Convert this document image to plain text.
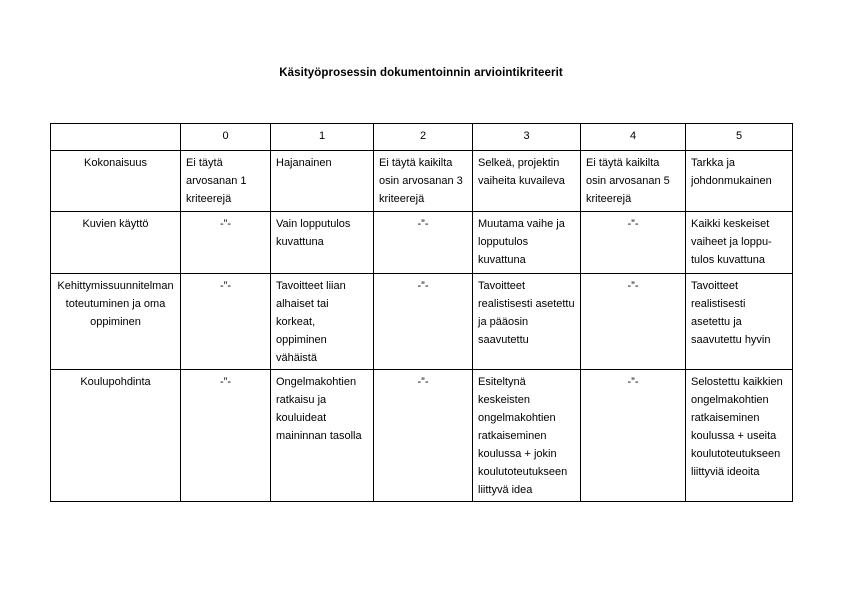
Käsityöprosessin dokumentoinnin arviointikriteerit
	0	1	2	3	4	5
Kokonaisuus	Ei täytä arvosanan 1 kriteerejä	Hajanainen	Ei täytä kaikilta osin arvosanan 3 kriteerejä	Selkeä, projektin vaiheita kuvaileva	Ei täytä kaikilta osin arvosanan 5 kriteerejä	Tarkka ja johdonmukainen
Kuvien käyttö	-”-	Vain lopputulos kuvattuna	-”-	Muutama vaihe ja lopputulos kuvattuna	-”-	Kaikki keskeiset vaiheet ja loppu-tulos kuvattuna
Kehittymissuunnitelman toteutuminen ja oma oppiminen	-”-	Tavoitteet liian alhaiset tai korkeat, oppiminen vähäistä	-”-	Tavoitteet realistisesti asetettu ja pääosin saavutettu	-”-	Tavoitteet realistisesti asetettu ja saavutettu hyvin
Koulupohdinta	-”-	Ongelmakohtien ratkaisu ja kouluideat maininnan tasolla	-”-	Esiteltynä keskeisten ongelmakohtien ratkaiseminen koulussa + jokin koulutoteutukseen liittyvä idea	-”-	Selostettu kaikkien ongelmakohtien ratkaiseminen koulussa + useita koulutoteutukseen liittyviä ideoita
